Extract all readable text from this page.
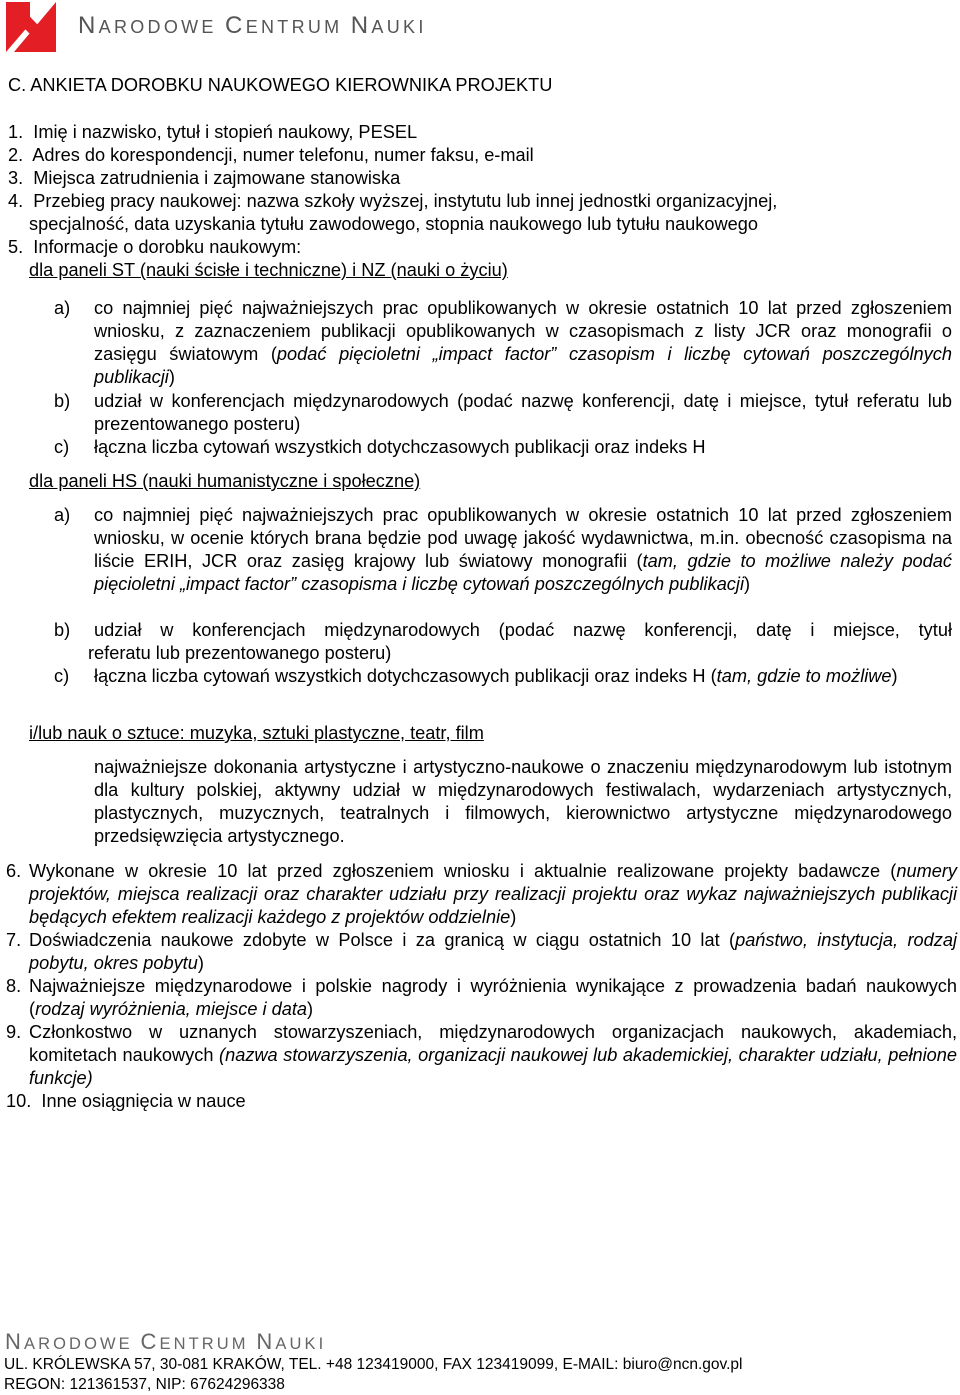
NARODOWE CENTRUM NAUKI
C. ANKIETA DOROBKU NAUKOWEGO KIEROWNIKA PROJEKTU
1. Imię i nazwisko, tytuł i stopień naukowy, PESEL
2. Adres do korespondencji, numer telefonu, numer faksu, e-mail
3. Miejsca zatrudnienia i zajmowane stanowiska
4. Przebieg pracy naukowej: nazwa szkoły wyższej, instytutu lub innej jednostki organizacyjnej,
specjalność, data uzyskania tytułu zawodowego, stopnia naukowego lub tytułu naukowego
5. Informacje o dorobku naukowym:
dla paneli ST (nauki ścisłe i techniczne) i NZ (nauki o życiu)
a) co najmniej pięć najważniejszych prac opublikowanych w okresie ostatnich 10 lat przed zgłoszeniem wniosku, z zaznaczeniem publikacji opublikowanych w czasopismach z listy JCR oraz monografii o zasięgu światowym (podać pięcioletni „impact factor” czasopism i liczbę cytowań poszczególnych publikacji)
b) udział w konferencjach międzynarodowych (podać nazwę konferencji, datę i miejsce, tytuł referatu lub prezentowanego posteru)
c) łączna liczba cytowań wszystkich dotychczasowych publikacji oraz indeks H
dla paneli HS (nauki humanistyczne i społeczne)
a) co najmniej pięć najważniejszych prac opublikowanych w okresie ostatnich 10 lat przed zgłoszeniem wniosku, w ocenie których brana będzie pod uwagę jakość wydawnictwa, m.in. obecność czasopisma na liście ERIH, JCR oraz zasięg krajowy lub światowy monografii (tam, gdzie to możliwe należy podać pięcioletni „impact factor” czasopisma i liczbę cytowań poszczególnych publikacji)
b) udział w konferencjach międzynarodowych (podać nazwę konferencji, datę i miejsce, tytuł
referatu lub prezentowanego posteru)
c) łączna liczba cytowań wszystkich dotychczasowych publikacji oraz indeks H (tam, gdzie to możliwe)
i/lub nauk o sztuce: muzyka, sztuki plastyczne, teatr, film
najważniejsze dokonania artystyczne i artystyczno-naukowe o znaczeniu międzynarodowym lub istotnym dla kultury polskiej, aktywny udział w międzynarodowych festiwalach, wydarzeniach artystycznych, plastycznych, muzycznych, teatralnych i filmowych, kierownictwo artystyczne międzynarodowego przedsięwzięcia artystycznego.
6. Wykonane w okresie 10 lat przed zgłoszeniem wniosku i aktualnie realizowane projekty badawcze (numery projektów, miejsca realizacji oraz charakter udziału przy realizacji projektu oraz wykaz najważniejszych publikacji będących efektem realizacji każdego z projektów oddzielnie)
7. Doświadczenia naukowe zdobyte w Polsce i za granicą w ciągu ostatnich 10 lat (państwo, instytucja, rodzaj pobytu, okres pobytu)
8. Najważniejsze międzynarodowe i polskie nagrody i wyróżnienia wynikające z prowadzenia badań naukowych (rodzaj wyróżnienia, miejsce i data)
9. Członkostwo w uznanych stowarzyszeniach, międzynarodowych organizacjach naukowych, akademiach, komitetach naukowych (nazwa stowarzyszenia, organizacji naukowej lub akademickiej, charakter udziału, pełnione funkcje)
10. Inne osiągnięcia w nauce
NARODOWE CENTRUM NAUKI
UL. KRÓLEWSKA 57, 30-081 KRAKÓW, TEL. +48 123419000, FAX 123419099, E-MAIL: biuro@ncn.gov.pl
REGON: 121361537, NIP: 67624296338
